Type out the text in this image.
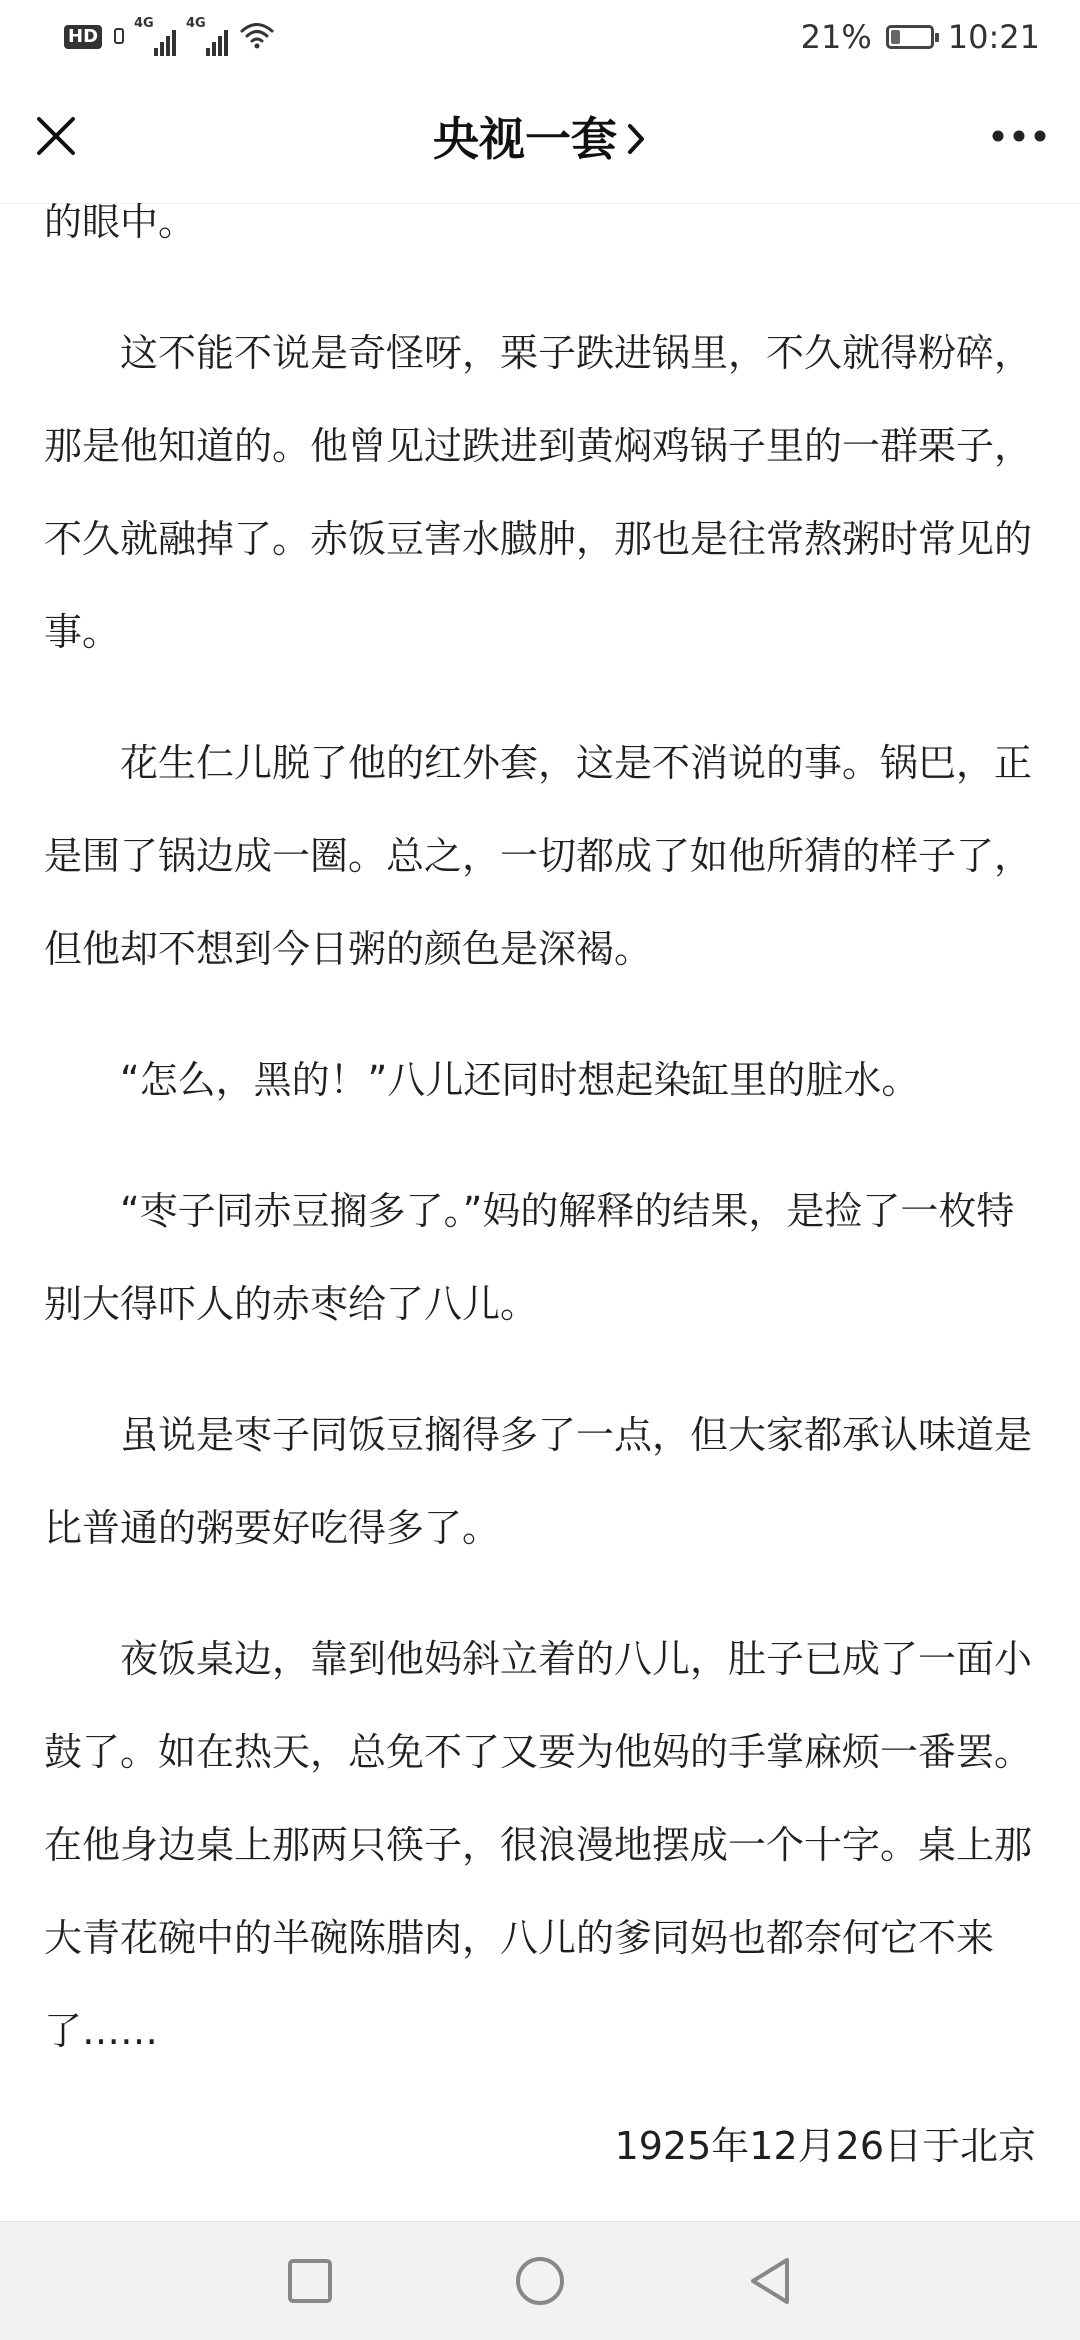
HD
4G 4G	21% 10:21
央视一套

的眼中。

这不能不说是奇怪呀，栗子跌进锅里，不久就得粉碎，那是他知道的。他曾见过跌进到黄焖鸡锅子里的一群栗子，不久就融掉了。赤饭豆害水臌肿，那也是往常熬粥时常见的事。

花生仁儿脱了他的红外套，这是不消说的事。锅巴，正是围了锅边成一圈。总之，一切都成了如他所猜的样子了，但他却不想到今日粥的颜色是深褐。

“怎么，黑的！”八儿还同时想起染缸里的脏水。

“枣子同赤豆搁多了。”妈的解释的结果，是捡了一枚特别大得吓人的赤枣给了八儿。

虽说是枣子同饭豆搁得多了一点，但大家都承认味道是比普通的粥要好吃得多了。

夜饭桌边，靠到他妈斜立着的八儿，肚子已成了一面小鼓了。如在热天，总免不了又要为他妈的手掌麻烦一番罢。在他身边桌上那两只筷子，很浪漫地摆成一个十字。桌上那大青花碗中的半碗陈腊肉，八儿的爹同妈也都奈何它不来了……

1925年12月26日于北京
